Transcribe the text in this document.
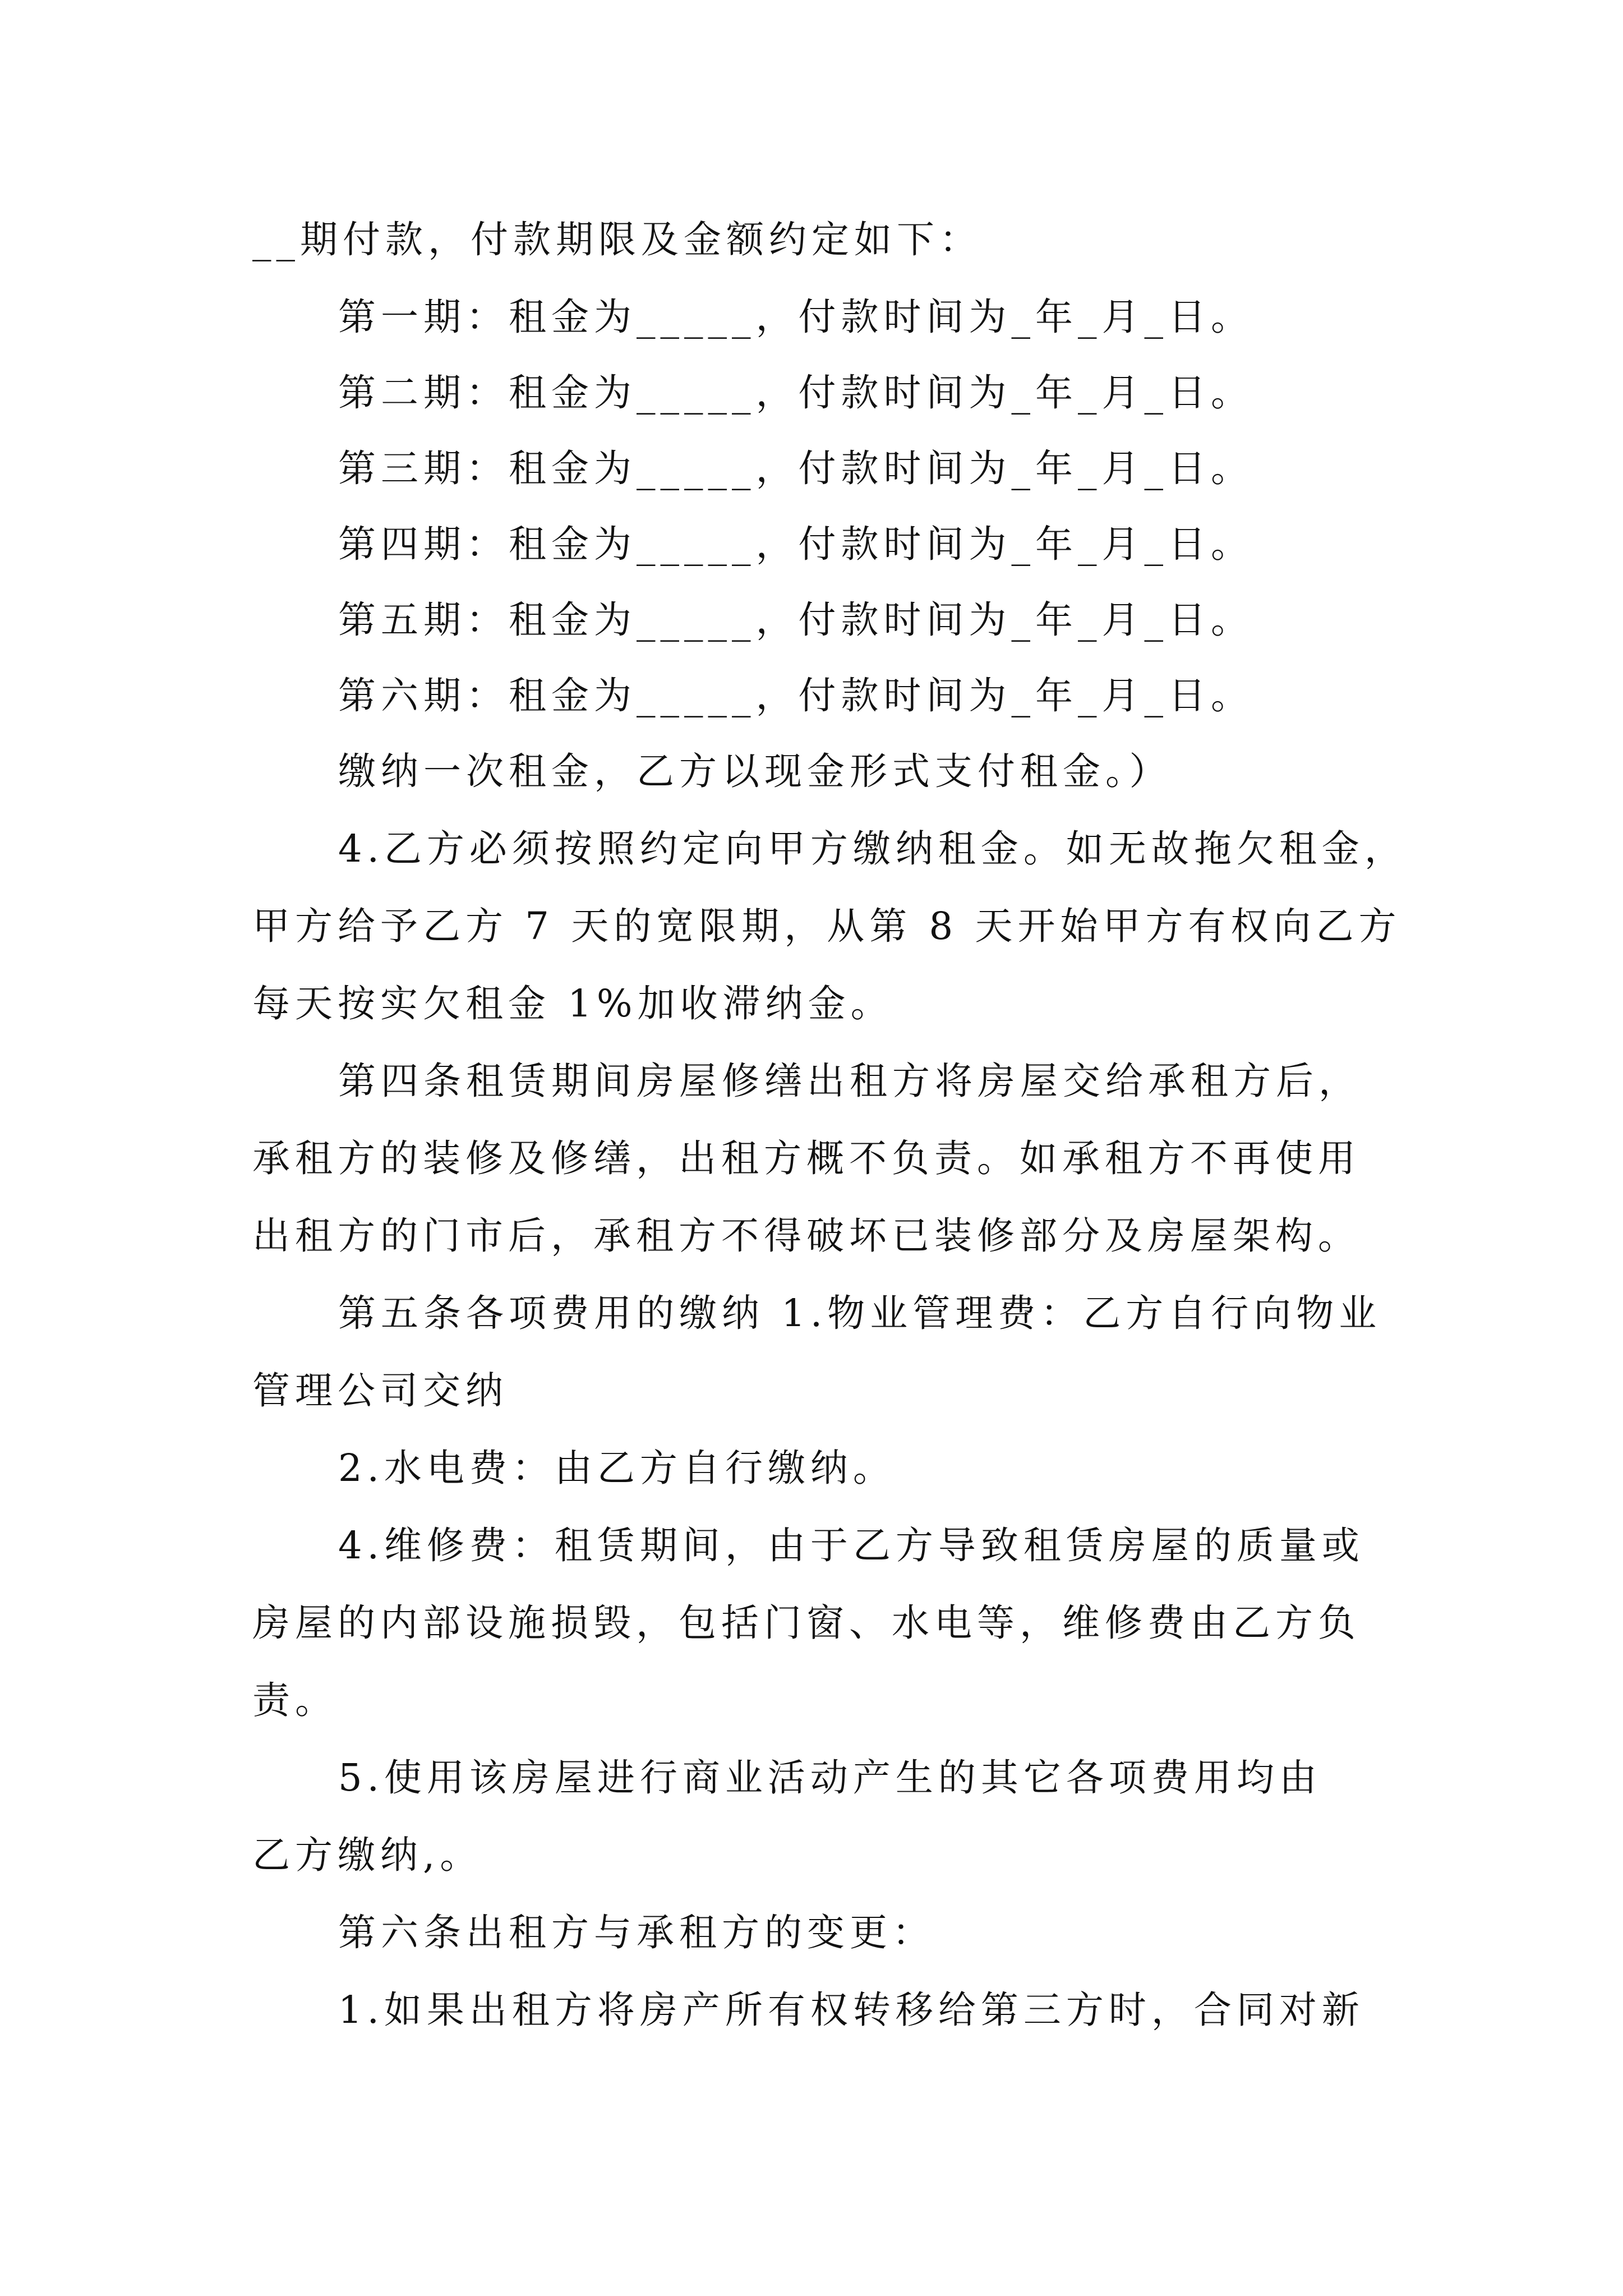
__期付款，付款期限及金额约定如下：
第一期：租金为_____，付款时间为_年_月_日。
第二期：租金为_____，付款时间为_年_月_日。
第三期：租金为_____，付款时间为_年_月_日。
第四期：租金为_____，付款时间为_年_月_日。
第五期：租金为_____，付款时间为_年_月_日。
第六期：租金为_____，付款时间为_年_月_日。
缴纳一次租金，乙方以现金形式支付租金。）
4.乙方必须按照约定向甲方缴纳租金。如无故拖欠租金，
甲方给予乙方 7 天的宽限期，从第 8 天开始甲方有权向乙方
每天按实欠租金 1%加收滞纳金。
第四条租赁期间房屋修缮出租方将房屋交给承租方后，
承租方的装修及修缮，出租方概不负责。如承租方不再使用
出租方的门市后，承租方不得破坏已装修部分及房屋架构。
第五条各项费用的缴纳 1.物业管理费：乙方自行向物业
管理公司交纳
2.水电费：由乙方自行缴纳。
4.维修费：租赁期间，由于乙方导致租赁房屋的质量或
房屋的内部设施损毁，包括门窗、水电等，维修费由乙方负
责。
5.使用该房屋进行商业活动产生的其它各项费用均由
乙方缴纳,。
第六条出租方与承租方的变更：
1.如果出租方将房产所有权转移给第三方时，合同对新
